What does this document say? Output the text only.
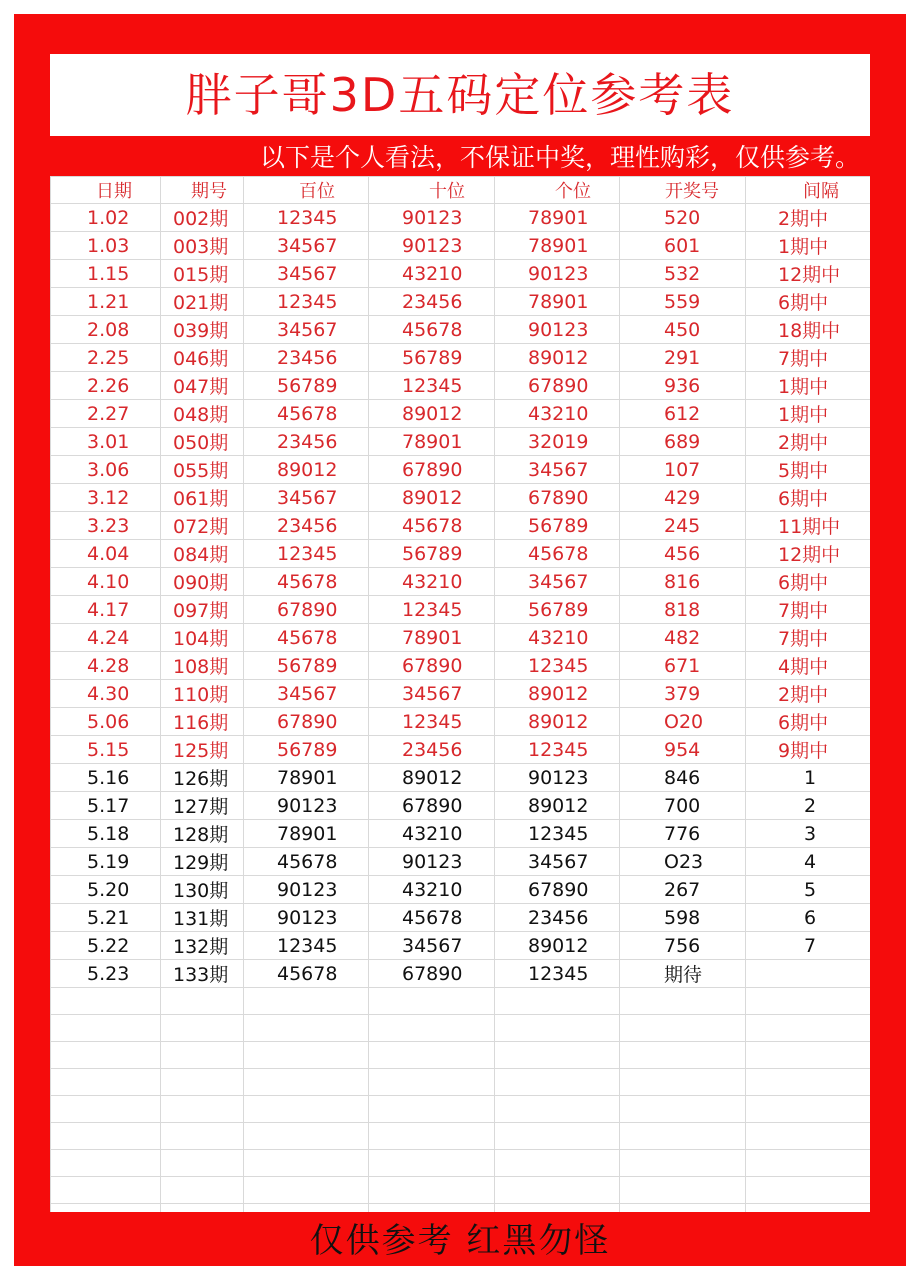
胖子哥3D五码定位参考表
以下是个人看法，不保证中奖，理性购彩，仅供参考。
日期	期号	百位	十位	个位	开奖号	间隔
1.02	002期	12345	90123	78901	520	2期中
1.03	003期	34567	90123	78901	601	1期中
1.15	015期	34567	43210	90123	532	12期中
1.21	021期	12345	23456	78901	559	6期中
2.08	039期	34567	45678	90123	450	18期中
2.25	046期	23456	56789	89012	291	7期中
2.26	047期	56789	12345	67890	936	1期中
2.27	048期	45678	89012	43210	612	1期中
3.01	050期	23456	78901	32019	689	2期中
3.06	055期	89012	67890	34567	107	5期中
3.12	061期	34567	89012	67890	429	6期中
3.23	072期	23456	45678	56789	245	11期中
4.04	084期	12345	56789	45678	456	12期中
4.10	090期	45678	43210	34567	816	6期中
4.17	097期	67890	12345	56789	818	7期中
4.24	104期	45678	78901	43210	482	7期中
4.28	108期	56789	67890	12345	671	4期中
4.30	110期	34567	34567	89012	379	2期中
5.06	116期	67890	12345	89012	O20	6期中
5.15	125期	56789	23456	12345	954	9期中
5.16	126期	78901	89012	90123	846	1
5.17	127期	90123	67890	89012	700	2
5.18	128期	78901	43210	12345	776	3
5.19	129期	45678	90123	34567	O23	4
5.20	130期	90123	43210	67890	267	5
5.21	131期	90123	45678	23456	598	6
5.22	132期	12345	34567	89012	756	7
5.23	133期	45678	67890	12345	期待	

仅供参考 红黑勿怪
